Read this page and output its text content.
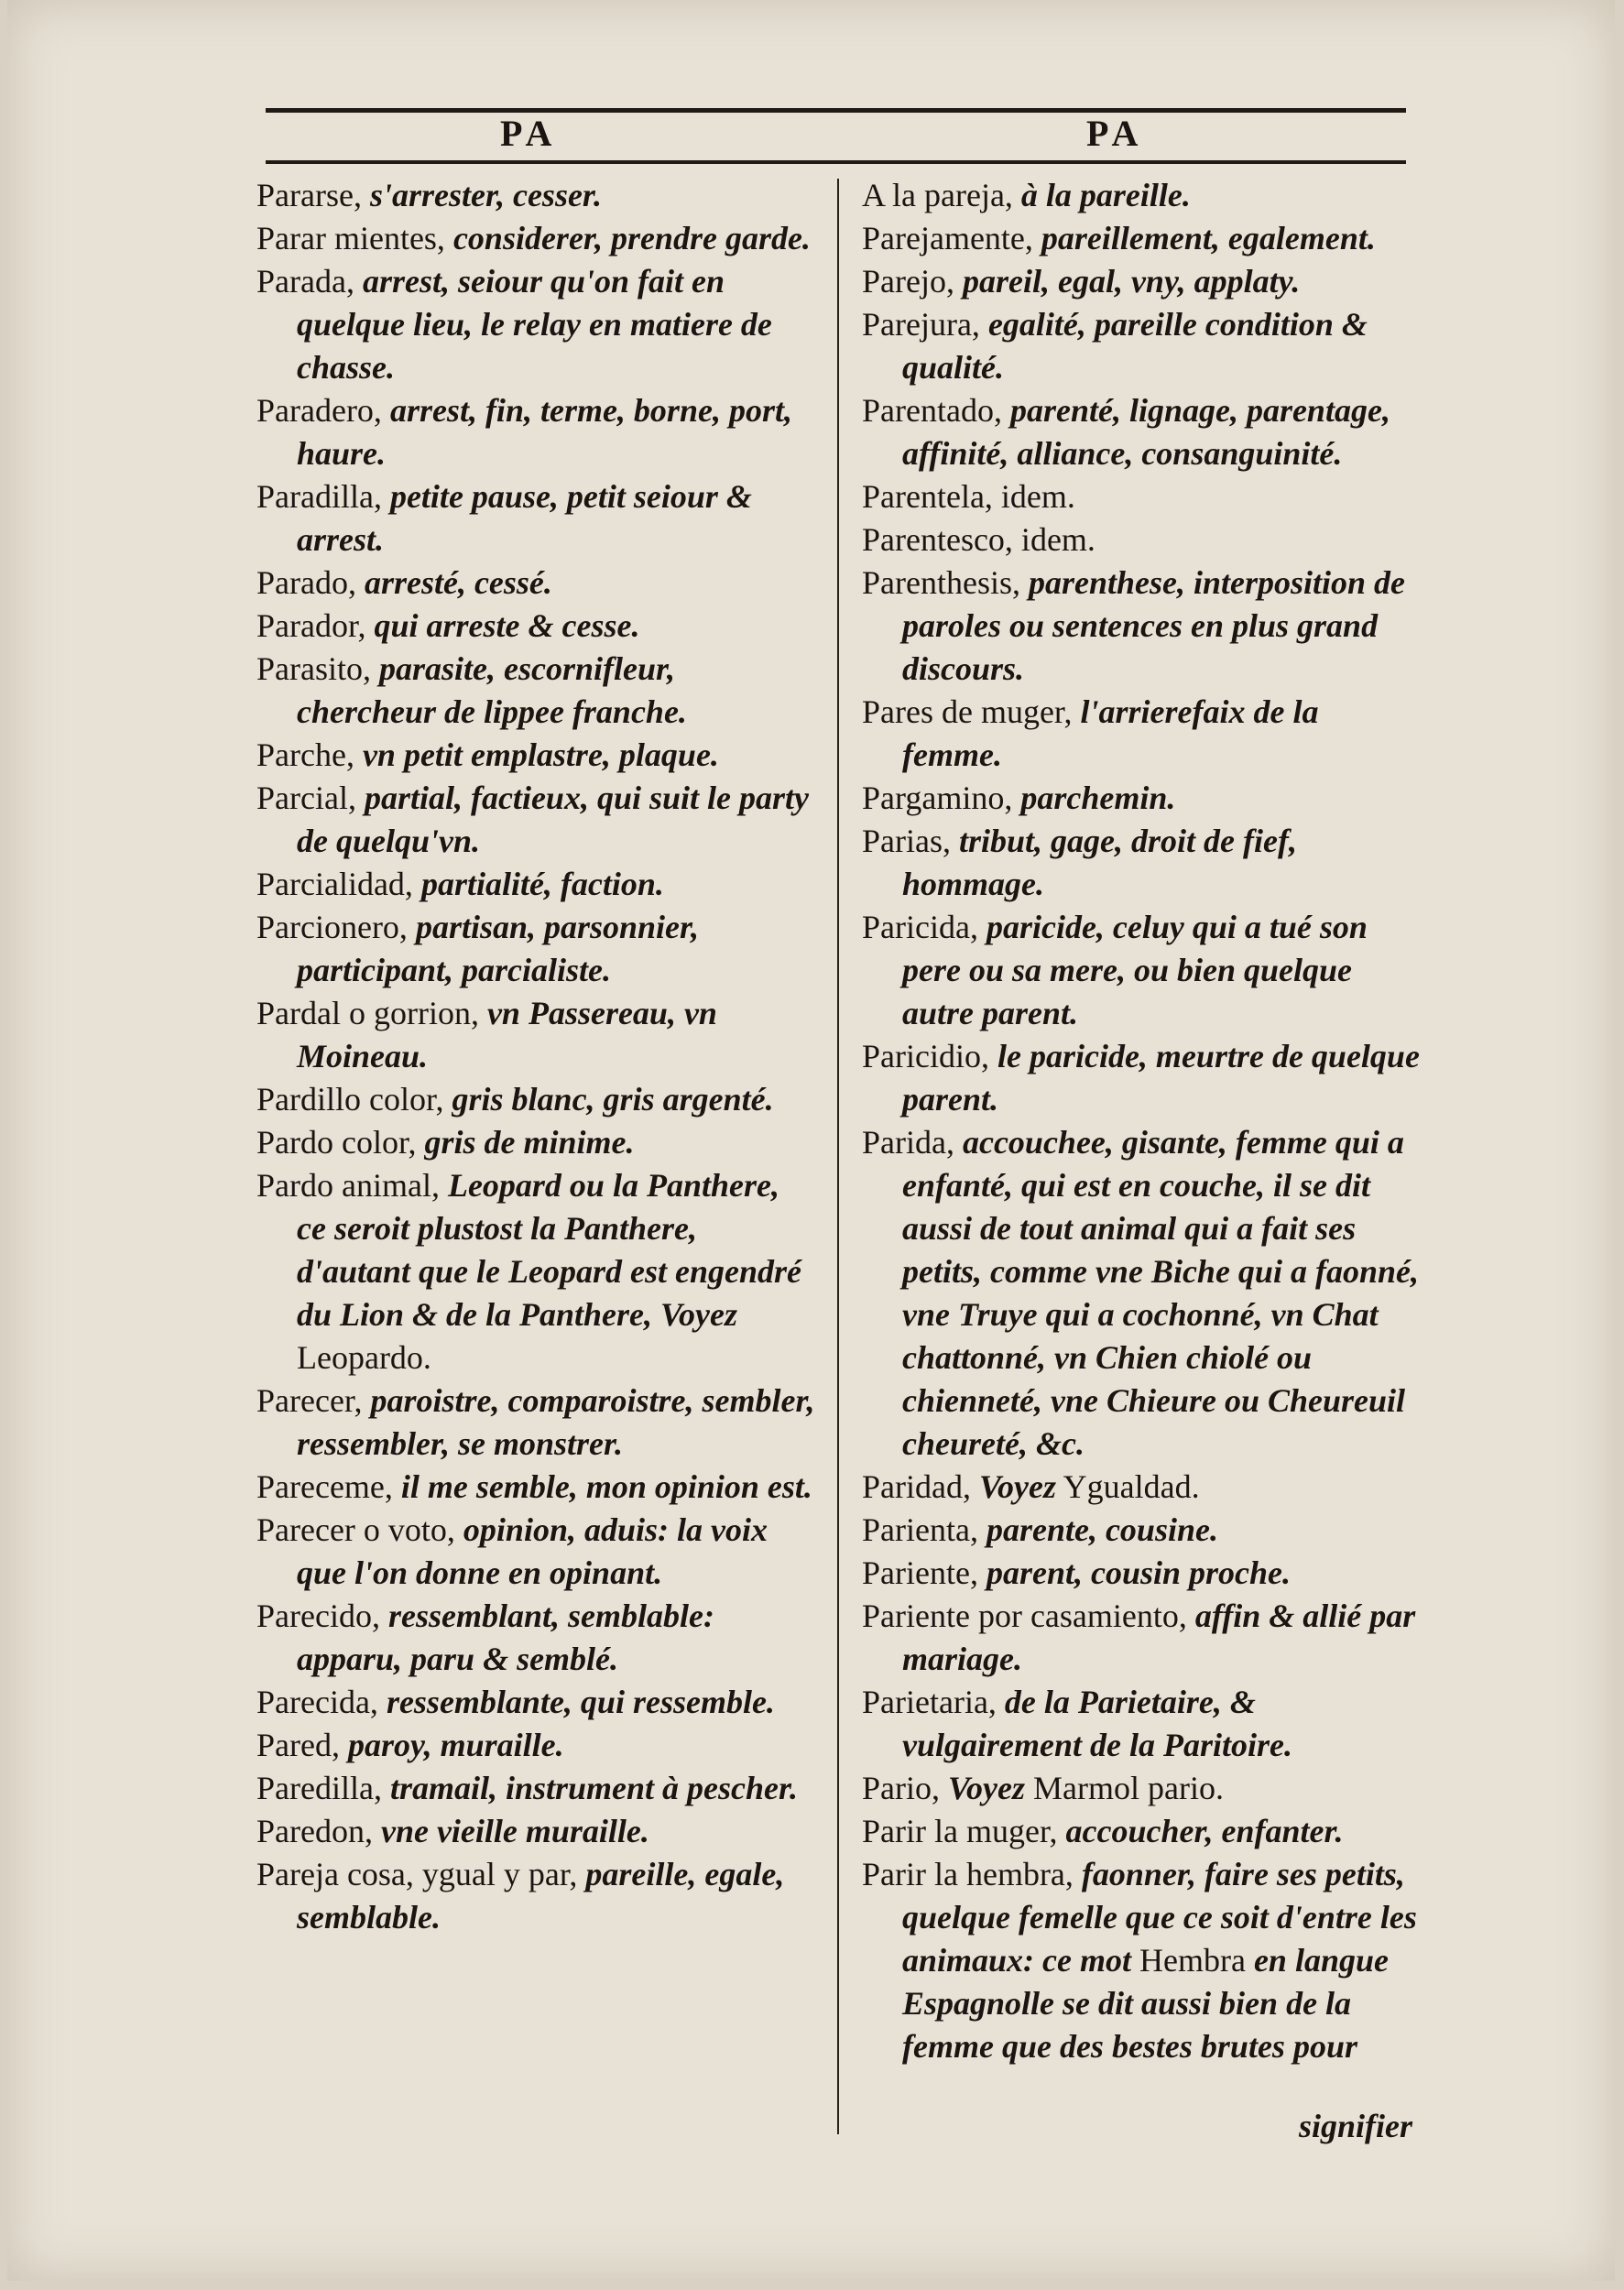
PA	PA

Pararse, s'arrester, cesser.

Parar mientes, considerer, prendre garde.

Parada, arrest, seiour qu'on fait en quelque lieu, le relay en matiere de chasse.

Paradero, arrest, fin, terme, borne, port, haure.

Paradilla, petite pause, petit seiour & arrest.

Parado, arresté, cessé.

Parador, qui arreste & cesse.

Parasito, parasite, escornifleur, chercheur de lippee franche.

Parche, vn petit emplastre, plaque.

Parcial, partial, factieux, qui suit le party de quelqu'vn.

Parcialidad, partialité, faction.

Parcionero, partisan, parsonnier, participant, parcialiste.

Pardal o gorrion, vn Passereau, vn Moineau.

Pardillo color, gris blanc, gris argenté.

Pardo color, gris de minime.

Pardo animal, Leopard ou la Panthere, ce seroit plustost la Panthere, d'autant que le Leopard est engendré du Lion & de la Panthere, Voyez Leopardo.

Parecer, paroistre, comparoistre, sembler, ressembler, se monstrer.

Pareceme, il me semble, mon opinion est.

Parecer o voto, opinion, aduis: la voix que l'on donne en opinant.

Parecido, ressemblant, semblable: apparu, paru & semblé.

Parecida, ressemblante, qui ressemble.

Pared, paroy, muraille.

Paredilla, tramail, instrument à pescher.

Paredon, vne vieille muraille.

Pareja cosa, ygual y par, pareille, egale, semblable.

A la pareja, à la pareille.

Parejamente, pareillement, egalement.

Parejo, pareil, egal, vny, applaty.

Parejura, egalité, pareille condition & qualité.

Parentado, parenté, lignage, parentage, affinité, alliance, consanguinité.

Parentela, idem.

Parentesco, idem.

Parenthesis, parenthese, interposition de paroles ou sentences en plus grand discours.

Pares de muger, l'arrierefaix de la femme.

Pargamino, parchemin.

Parias, tribut, gage, droit de fief, hommage.

Paricida, paricide, celuy qui a tué son pere ou sa mere, ou bien quelque autre parent.

Paricidio, le paricide, meurtre de quelque parent.

Parida, accouchee, gisante, femme qui a enfanté, qui est en couche, il se dit aussi de tout animal qui a fait ses petits, comme vne Biche qui a faonné, vne Truye qui a cochonné, vn Chat chattonné, vn Chien chiolé ou chienneté, vne Chieure ou Cheureuil cheureté, &c.

Paridad, Voyez Ygualdad.

Parienta, parente, cousine.

Pariente, parent, cousin proche.

Pariente por casamiento, affin & allié par mariage.

Parietaria, de la Parietaire, & vulgairement de la Paritoire.

Pario, Voyez Marmol pario.

Parir la muger, accoucher, enfanter.

Parir la hembra, faonner, faire ses petits, quelque femelle que ce soit d'entre les animaux: ce mot Hembra en langue Espagnolle se dit aussi bien de la femme que des bestes brutes pour

signifier
